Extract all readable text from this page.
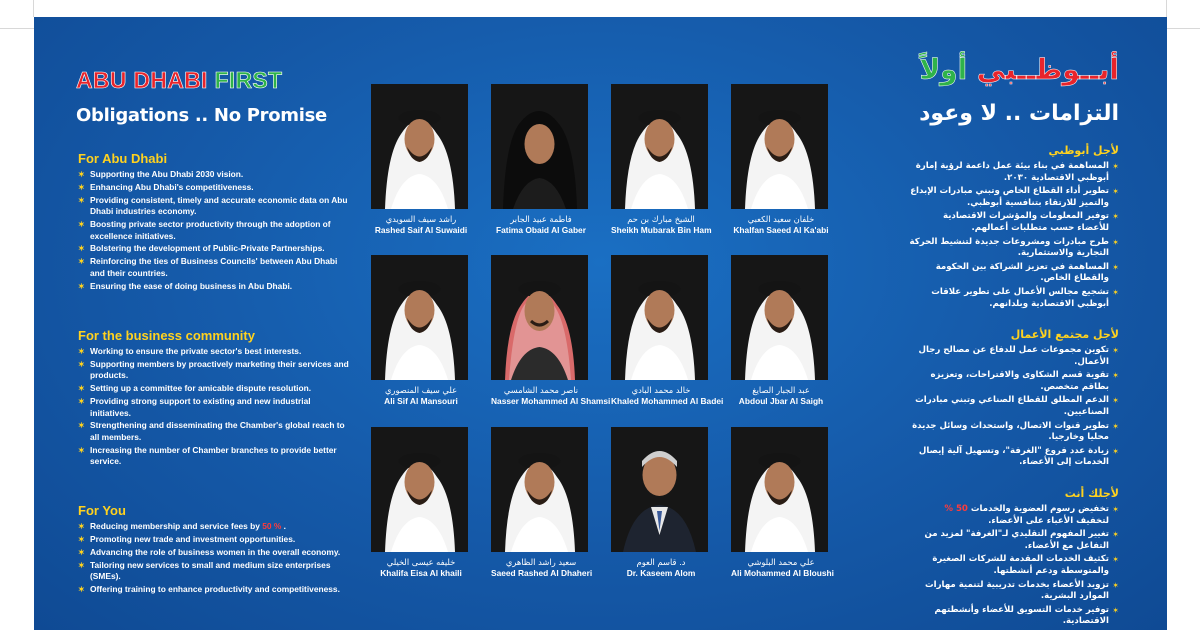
ABU DHABI FIRST
Obligations .. No Promise
For Abu Dhabi
✶ Supporting the Abu Dhabi 2030 vision.
✶ Enhancing Abu Dhabi's competitiveness.
✶ Providing consistent, timely and accurate economic data on Abu Dhabi industries economy.
✶ Boosting private sector productivity through the adoption of excellence initiatives.
✶ Bolstering the development of Public-Private Partnerships.
✶ Reinforcing the ties of Business Councils' between Abu Dhabi and their countries.
✶ Ensuring the ease of doing business in Abu Dhabi.
For the business community
✶ Working to ensure the private sector's best interests.
✶ Supporting members by proactively marketing their services and products.
✶ Setting up a committee for amicable dispute resolution.
✶ Providing strong support to existing and new industrial initiatives.
✶ Strengthening and disseminating the Chamber's global reach to all members.
✶ Increasing the number of Chamber branches to provide better service.
For You
✶ Reducing membership and service fees by 50 % .
✶ Promoting new trade and investment opportunities.
✶ Advancing the role of business women in the overall economy.
✶ Tailoring new services to small and medium size enterprises (SMEs).
✶ Offering training to enhance productivity and competitiveness.
راشد سيف السويدي
Rashed Saif Al Suwaidi
فاطمة عبيد الجابر
Fatima Obaid Al Gaber
الشيخ مبارك بن حم
Sheikh Mubarak Bin Ham
خلفان سعيد الكعبي
Khalfan Saeed Al Ka'abi
علي سيف المنصوري
Ali Sif Al Mansouri
ناصر محمد الشامسي
Nasser Mohammed Al Shamsi
خالد محمد البادي
Khaled Mohammed Al Badei
عبد الجبار الصايغ
Abdoul Jbar Al Saigh
خليفه عيسى الخيلي
Khalifa Eisa Al khaili
سعيد راشد الظاهري
Saeed Rashed Al Dhaheri
د. قاسم العوم
Dr. Kaseem Alom
علي محمد البلوشي
Ali Mohammed Al Bloushi
أبــوظــبي أولاً
التزامات .. لا وعود
لأجل أبوظبي
✶
المساهمة في بناء بيئة عمل داعمة لرؤية إمارة أبوظبي الاقتصادية ٢٠٣٠.
✶
تطوير أداء القطاع الخاص وتبني مبادرات الإبداع والتميز للارتقاء بتنافسية أبوظبي.
✶
توفير المعلومات والمؤشرات الاقتصادية للأعضاء حسب متطلبات أعمالهم.
✶
طرح مبادرات ومشروعات جديدة لتنشيط الحركة التجارية والاستثمارية.
✶
المساهمة في تعزيز الشراكة بين الحكومة والقطاع الخاص.
✶
تشجيع مجالس الأعمال على تطوير علاقات أبوظبي الاقتصادية وبلدانهم.
لأجل مجتمع الأعمال
✶
تكوين مجموعات عمل للدفاع عن مصالح رجال الأعمال.
✶
تقوية قسم الشكاوى والاقتراحات، وتعزيزه بطاقم متخصص.
✶
الدعم المطلق للقطاع الصناعي وتبني مبادرات الصناعيين.
✶
تطوير قنوات الاتصال، واستحداث وسائل جديدة محليا وخارجيا.
✶
زيادة عدد فروع "الغرفة"، وتسهيل آلية إيصال الخدمات إلى الأعضاء.
لأجلك أنت
✶
تخفيض رسوم العضوية والخدمات 50 % لتخفيف الأعباء على الأعضاء.
✶
تغيير المفهوم التقليدي لـ"الغرفة" لمزيد من التفاعل مع الأعضاء.
✶
تكثيف الخدمات المقدمة للشركات الصغيرة والمتوسطة ودعم أنشطتها.
✶
تزويد الأعضاء بخدمات تدريبية لتنمية مهارات الموارد البشرية.
✶
توفير خدمات التسويق للأعضاء وأنشطتهم الاقتصادية.
